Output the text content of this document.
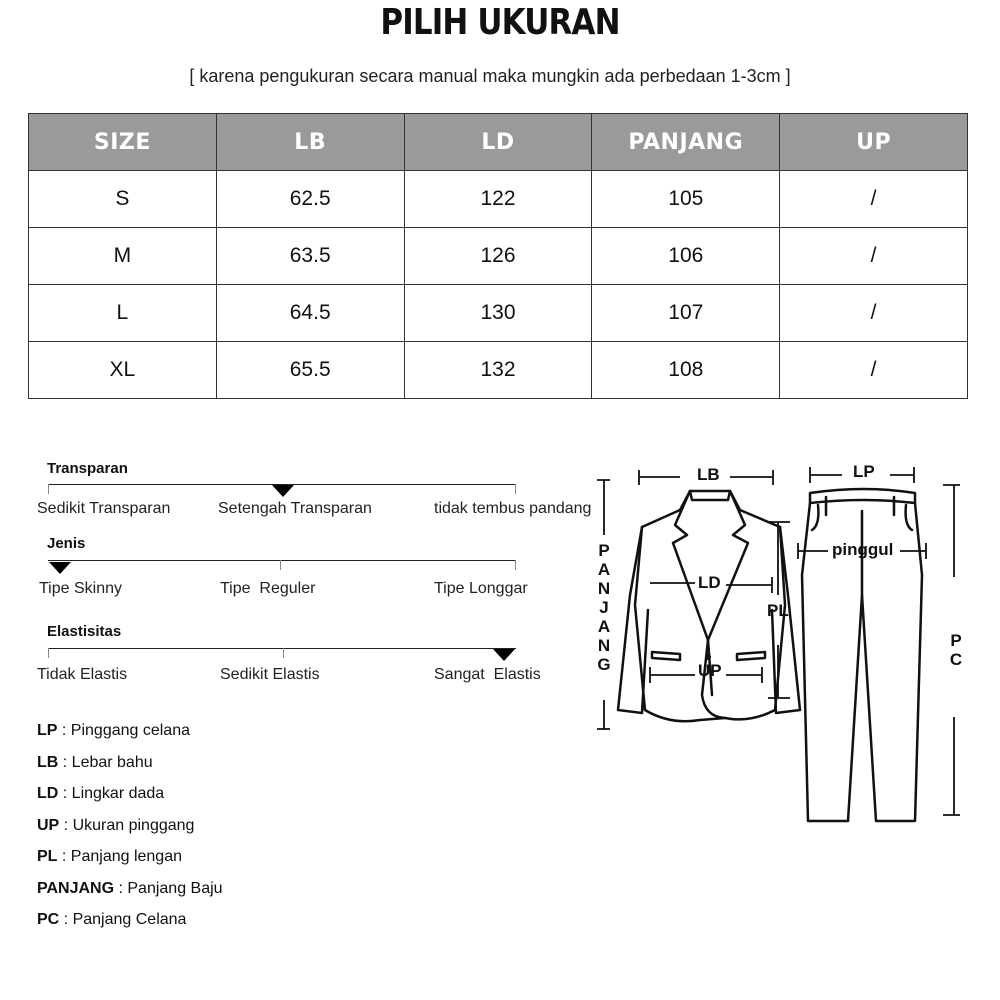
PILIH UKURAN
[ karena pengukuran secara manual maka mungkin ada perbedaan 1-3cm ]
SIZE	LB	LD	PANJANG	UP
S	62.5	122	105	/
M	63.5	126	106	/
L	64.5	130	107	/
XL	65.5	132	108	/
Transparan
Sedikit Transparan	Setengah Transparan	tidak tembus pandang
Jenis
Tipe Skinny	Tipe  Reguler	Tipe Longgar
Elastisitas
Tidak Elastis	Sedikit Elastis	Sangat  Elastis
LP : Pinggang celana
LB : Lebar bahu
LD : Lingkar dada
UP : Ukuran pinggang
PL : Panjang lengan
PANJANG : Panjang Baju
PC : Panjang Celana
LB	LP
LD
PL
UP
pinggul
P
A
N
J
A
N
G
P
C
